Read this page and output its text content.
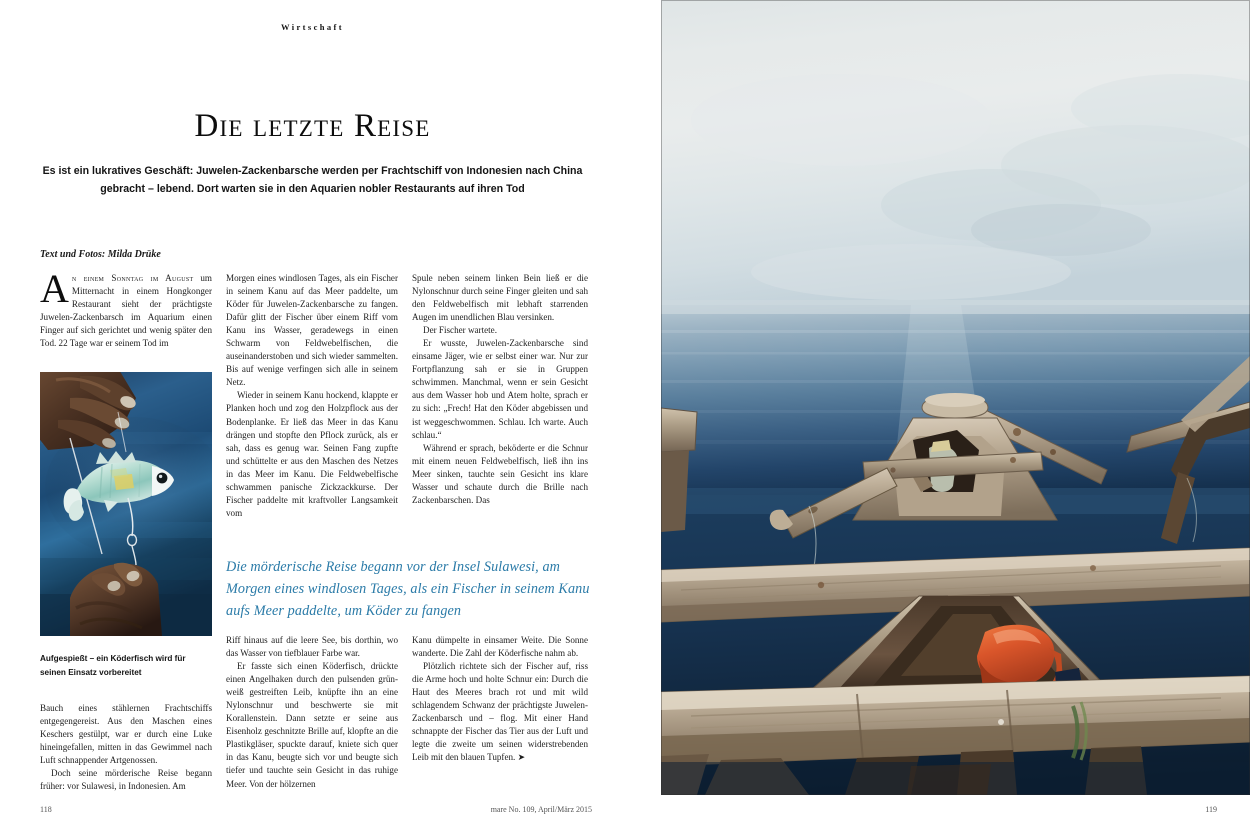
Wirtschaft
Die letzte Reise
Es ist ein lukratives Geschäft: Juwelen-Zackenbarsche werden per Frachtschiff von Indonesien nach China gebracht – lebend. Dort warten sie in den Aquarien nobler Restaurants auf ihren Tod
Text und Fotos: Milda Drüke

An einem Sonntag im August um Mitternacht in einem Hongkonger Restaurant sieht der prächtigste Juwelen-Zackenbarsch im Aquarium einen Finger auf sich gerichtet und wenig später den Tod. 22 Tage war er seinem Tod im

Morgen eines windlosen Tages, als ein Fischer in seinem Kanu auf das Meer paddelte, um Köder für Juwelen-Zackenbarsche zu fangen. Dafür glitt der Fischer über einem Riff vom Kanu ins Wasser, geradewegs in einen Schwarm von Feldwebelfischen, die auseinanderstoben und sich wieder sammelten. Bis auf wenige verfingen sich alle in seinem Netz.

Wieder in seinem Kanu hockend, klappte er Planken hoch und zog den Holzpflock aus der Bodenplanke. Er ließ das Meer in das Kanu drängen und stopfte den Pflock zurück, als er sah, dass es genug war. Seinen Fang zupfte und schüttelte er aus den Maschen des Netzes in das Meer im Kanu. Die Feldwebelfische schwammen panische Zickzackkurse. Der Fischer paddelte mit kraftvoller Langsamkeit vom

Spule neben seinem linken Bein ließ er die Nylonschnur durch seine Finger gleiten und sah den Feldwebelfisch mit lebhaft starrenden Augen im unendlichen Blau versinken.

Der Fischer wartete.

Er wusste, Juwelen-Zackenbarsche sind einsame Jäger, wie er selbst einer war. Nur zur Fortpflanzung sah er sie in Gruppen schwimmen. Manchmal, wenn er sein Gesicht aus dem Wasser hob und Atem holte, sprach er zu sich: „Frech! Hat den Köder abgebissen und ist weggeschwommen. Schlau. Ich warte. Auch schlau.“

Während er sprach, beköderte er die Schnur mit einem neuen Feldwebelfisch, ließ ihn ins Meer sinken, tauchte sein Gesicht ins klare Wasser und schaute durch die Brille nach Zackenbarschen. Das

Aufgespießt – ein Köderfisch wird für seinen Einsatz vorbereitet
Die mörderische Reise begann vor der Insel Sulawesi, am Morgen eines windlosen Tages, als ein Fischer in seinem Kanu aufs Meer paddelte, um Köder zu fangen

Bauch eines stählernen Frachtschiffs entgegengereist. Aus den Maschen eines Keschers gestülpt, war er durch eine Luke hineingefallen, mitten in das Gewimmel nach Luft schnappender Artgenossen.

Doch seine mörderische Reise begann früher: vor Sulawesi, in Indonesien. Am

Riff hinaus auf die leere See, bis dorthin, wo das Wasser von tiefblauer Farbe war.

Er fasste sich einen Köderfisch, drückte einen Angelhaken durch den pulsenden grün-weiß gestreiften Leib, knüpfte ihn an eine Nylonschnur und beschwerte sie mit Korallenstein. Dann setzte er seine aus Eisenholz geschnitzte Brille auf, klopfte an die Plastikgläser, spuckte darauf, kniete sich quer in das Kanu, beugte sich vor und beugte sich tiefer und tauchte sein Gesicht in das ruhige Meer. Von der hölzernen

Kanu dümpelte in einsamer Weite. Die Sonne wanderte. Die Zahl der Köderfische nahm ab.

Plötzlich richtete sich der Fischer auf, riss die Arme hoch und holte Schnur ein: Durch die Haut des Meeres brach rot und mit wild schlagendem Schwanz der prächtigste Juwelen-Zackenbarsch und – flog. Mit einer Hand schnappte der Fischer das Tier aus der Luft und legte die zweite um seinen widerstrebenden Leib mit den blauen Tupfen. ➤

118	mare No. 109, April/März 2015	119
